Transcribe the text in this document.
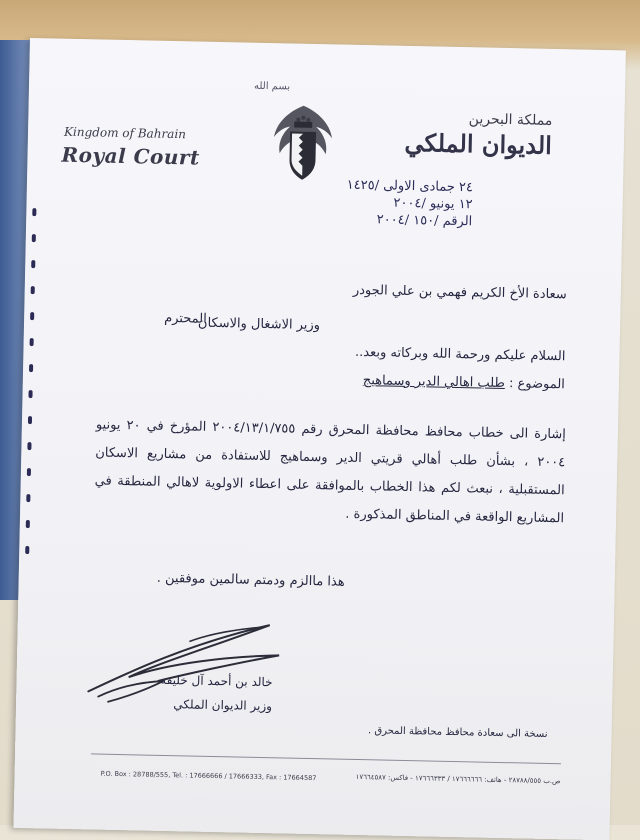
بسم الله
Kingdom of Bahrain
Royal Court
مملكة البحرين
الديوان الملكي
٢٤ جمادى الاولى /١٤٢٥
١٢ يونيو /٢٠٠٤
الرقم /١٥٠ /٢٠٠٤
سعادة الأخ الكريم فهمي بن علي الجودر
المحترم
وزير الاشغال والاسكان
السلام عليكم ورحمة الله وبركاته وبعد..
الموضوع : طلب اهالي الدير وسماهيج
إشارة الى خطاب محافظ محافظة المحرق رقم ٢٠٠٤/١٣/١/٧٥٥ المؤرخ في ٢٠ يونيو ٢٠٠٤ ، بشأن طلب أهالي قريتي الدير وسماهيج للاستفادة من مشاريع الاسكان المستقبلية ، نبعث لكم هذا الخطاب بالموافقة على اعطاء الاولوية لاهالي المنطقة في المشاريع الواقعة في المناطق المذكورة .
هذا ماالزم ودمتم سالمين موفقين .
خالد بن أحمد آل خليفه
وزير الديوان الملكي
نسخة الى سعادة محافظ محافظة المحرق .
P.O. Box : 28788/555, Tel. : 17666666 / 17666333, Fax : 17664587	ص.ب ٢٨٧٨٨/٥٥٥ - هاتف: ١٧٦٦٦٦٦٦ / ١٧٦٦٦٣٣٣ - فاكس: ١٧٦٦٤٥٨٧
